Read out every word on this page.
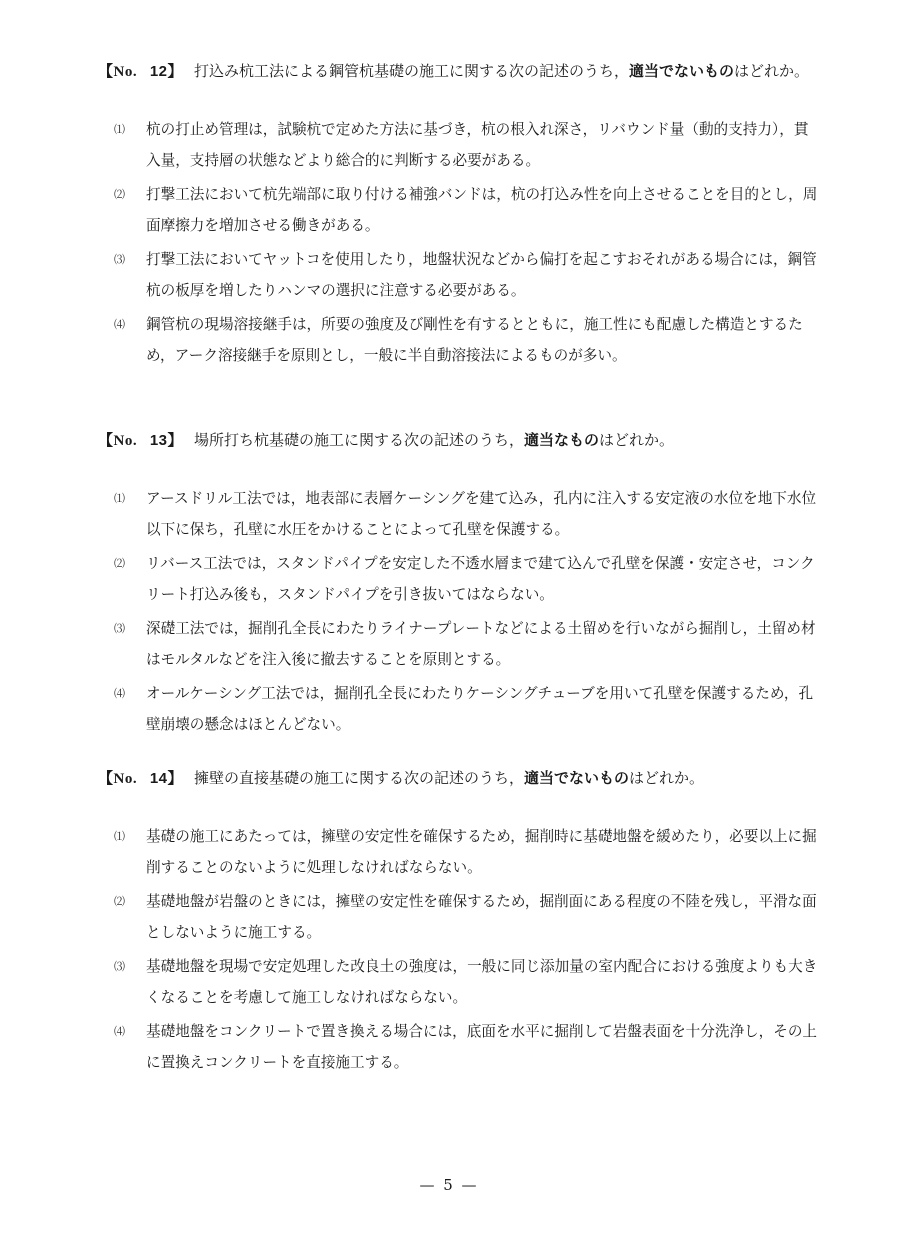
【No. 12】 打込み杭工法による鋼管杭基礎の施工に関する次の記述のうち，適当でないものはどれか。
⑴	杭の打止め管理は，試験杭で定めた方法に基づき，杭の根入れ深さ，リバウンド量（動的支持力），貫入量，支持層の状態などより総合的に判断する必要がある。
⑵	打撃工法において杭先端部に取り付ける補強バンドは，杭の打込み性を向上させることを目的とし，周面摩擦力を増加させる働きがある。
⑶	打撃工法においてヤットコを使用したり，地盤状況などから偏打を起こすおそれがある場合には，鋼管杭の板厚を増したりハンマの選択に注意する必要がある。
⑷	鋼管杭の現場溶接継手は，所要の強度及び剛性を有するとともに，施工性にも配慮した構造とするため，アーク溶接継手を原則とし，一般に半自動溶接法によるものが多い。
【No. 13】 場所打ち杭基礎の施工に関する次の記述のうち，適当なものはどれか。
⑴	アースドリル工法では，地表部に表層ケーシングを建て込み，孔内に注入する安定液の水位を地下水位以下に保ち，孔壁に水圧をかけることによって孔壁を保護する。
⑵	リバース工法では，スタンドパイプを安定した不透水層まで建て込んで孔壁を保護・安定させ，コンクリート打込み後も，スタンドパイプを引き抜いてはならない。
⑶	深礎工法では，掘削孔全長にわたりライナープレートなどによる土留めを行いながら掘削し，土留め材はモルタルなどを注入後に撤去することを原則とする。
⑷	オールケーシング工法では，掘削孔全長にわたりケーシングチューブを用いて孔壁を保護するため，孔壁崩壊の懸念はほとんどない。
【No. 14】 擁壁の直接基礎の施工に関する次の記述のうち，適当でないものはどれか。
⑴	基礎の施工にあたっては，擁壁の安定性を確保するため，掘削時に基礎地盤を緩めたり，必要以上に掘削することのないように処理しなければならない。
⑵	基礎地盤が岩盤のときには，擁壁の安定性を確保するため，掘削面にある程度の不陸を残し，平滑な面としないように施工する。
⑶	基礎地盤を現場で安定処理した改良土の強度は，一般に同じ添加量の室内配合における強度よりも大きくなることを考慮して施工しなければならない。
⑷	基礎地盤をコンクリートで置き換える場合には，底面を水平に掘削して岩盤表面を十分洗浄し，その上に置換えコンクリートを直接施工する。
— 5 —
